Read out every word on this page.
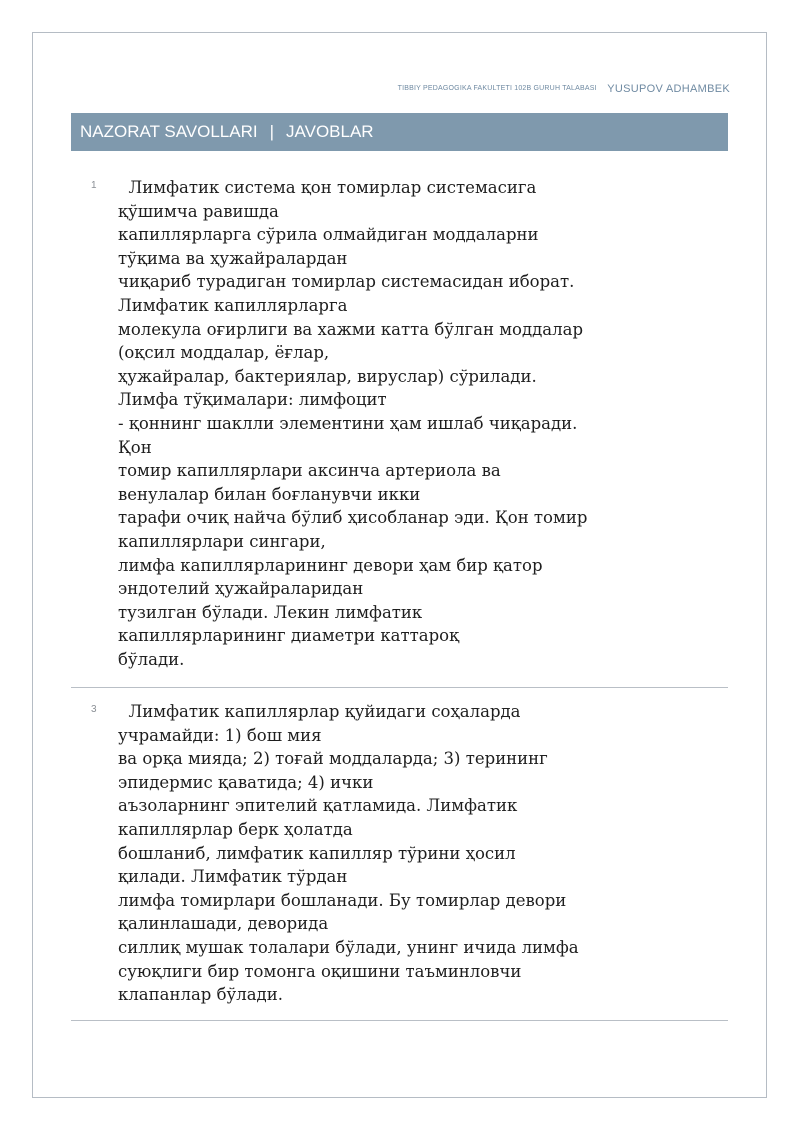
TIBBIY PEDAGOGIKA FAKULTETI 102B GURUH TALABASI YUSUPOV ADHAMBEK
NAZORAT SAVOLLARI | JAVOBLAR
1	Лимфатик система қон томирлар системасига
қўшимча равишда
капиллярларга сўрила олмайдиган моддаларни
тўқима ва ҳужайралардан
чиқариб турадиган томирлар системасидан иборат.
Лимфатик капиллярларга
молекула оғирлиги ва хажми катта бўлган моддалар
(оқсил моддалар, ёғлар,
ҳужайралар, бактериялар, вируслар) сўрилади.
Лимфа тўқималари: лимфоцит
- қоннинг шаклли элементини ҳам ишлаб чиқаради.
Қон
томир капиллярлари аксинча артериола ва
венулалар билан боғланувчи икки
тарафи очиқ найча бўлиб ҳисобланар эди. Қон томир
капиллярлари сингари,
лимфа капиллярларининг девори ҳам бир қатор
эндотелий ҳужайраларидан
тузилган бўлади. Лекин лимфатик
капиллярларининг диаметри каттароқ
бўлади.

3	Лимфатик капиллярлар қуйидаги соҳаларда
учрамайди: 1) бош мия
ва орқа мияда; 2) тоғай моддаларда; 3) терининг
эпидермис қаватида; 4) ички
аъзоларнинг эпителий қатламида. Лимфатик
капиллярлар берк ҳолатда
бошланиб, лимфатик капилляр тўрини ҳосил
қилади. Лимфатик тўрдан
лимфа томирлари бошланади. Бу томирлар девори
қалинлашади, деворида
силлиқ мушак толалари бўлади, унинг ичида лимфа
суюқлиги бир томонга оқишини таъминловчи
клапанлар бўлади.
